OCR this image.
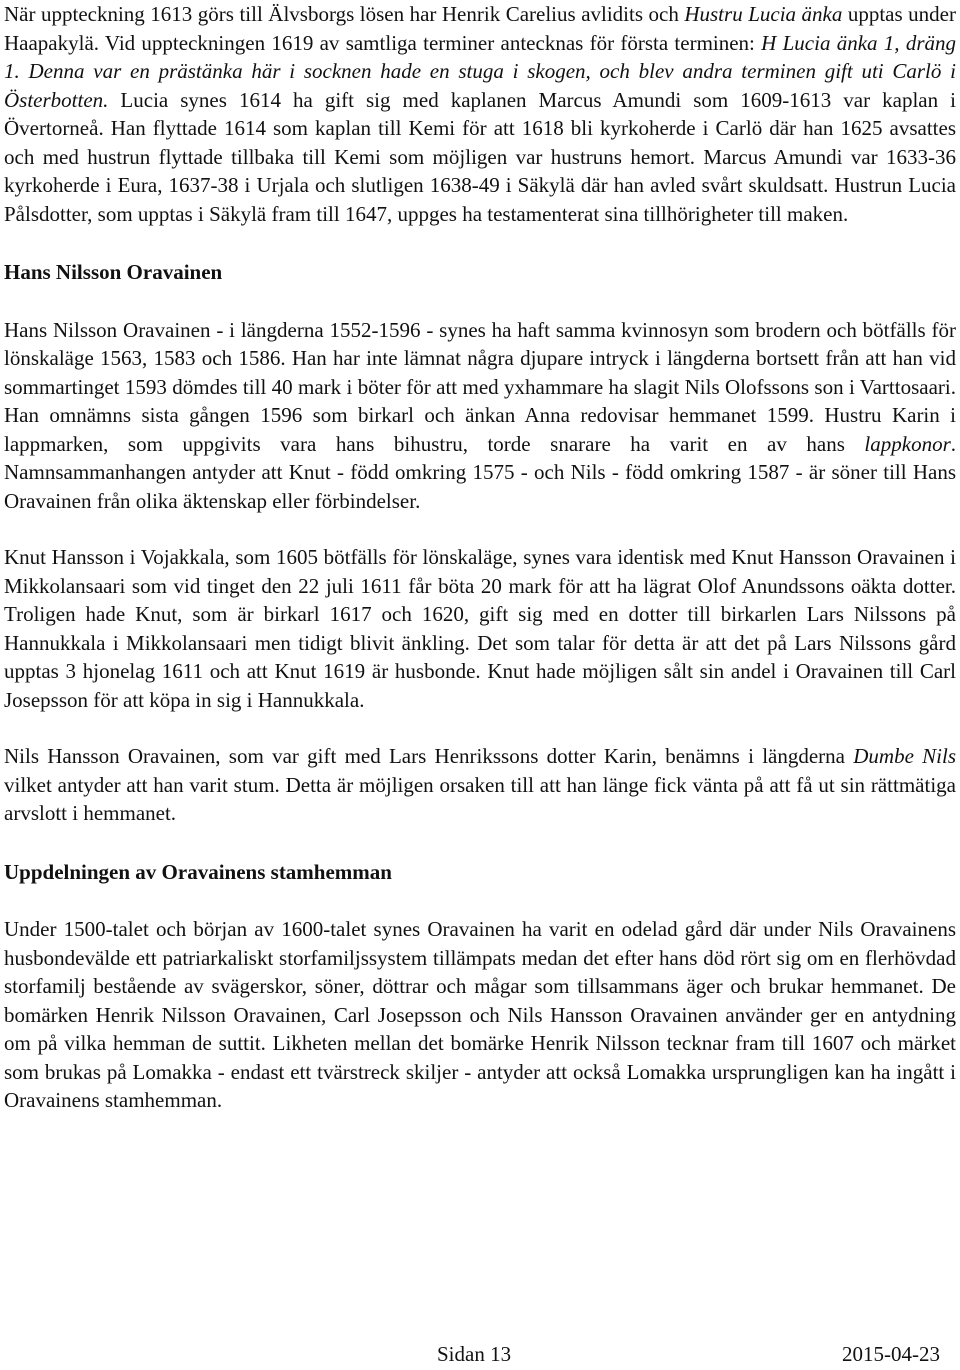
När uppteckning 1613 görs till Älvsborgs lösen har Henrik Carelius avlidits och Hustru Lucia änka upptas under Haapakylä. Vid uppteckningen 1619 av samtliga terminer antecknas för första terminen: H Lucia änka 1, dräng 1. Denna var en prästänka här i socknen hade en stuga i skogen, och blev andra terminen gift uti Carlö i Österbotten. Lucia synes 1614 ha gift sig med kaplanen Marcus Amundi som 1609-1613 var kaplan i Övertorneå. Han flyttade 1614 som kaplan till Kemi för att 1618 bli kyrkoherde i Carlö där han 1625 avsattes och med hustrun flyttade tillbaka till Kemi som möjligen var hustruns hemort. Marcus Amundi var 1633-36 kyrkoherde i Eura, 1637-38 i Urjala och slutligen 1638-49 i Säkylä där han avled svårt skuldsatt. Hustrun Lucia Pålsdotter, som upptas i Säkylä fram till 1647, uppges ha testamenterat sina tillhörigheter till maken.

Hans Nilsson Oravainen

Hans Nilsson Oravainen - i längderna 1552-1596 - synes ha haft samma kvinnosyn som brodern och bötfälls för lönskaläge 1563, 1583 och 1586. Han har inte lämnat några djupare intryck i längderna bortsett från att han vid sommartinget 1593 dömdes till 40 mark i böter för att med yxhammare ha slagit Nils Olofssons son i Varttosaari. Han omnämns sista gången 1596 som birkarl och änkan Anna redovisar hemmanet 1599. Hustru Karin i lappmarken, som uppgivits vara hans bihustru, torde snarare ha varit en av hans lappkonor. Namnsammanhangen antyder att Knut - född omkring 1575 - och Nils - född omkring 1587 - är söner till Hans Oravainen från olika äktenskap eller förbindelser.

Knut Hansson i Vojakkala, som 1605 bötfälls för lönskaläge, synes vara identisk med Knut Hansson Oravainen i Mikkolansaari som vid tinget den 22 juli 1611 får böta 20 mark för att ha lägrat Olof Anundssons oäkta dotter. Troligen hade Knut, som är birkarl 1617 och 1620, gift sig med en dotter till birkarlen Lars Nilssons på Hannukkala i Mikkolansaari men tidigt blivit änkling. Det som talar för detta är att det på Lars Nilssons gård upptas 3 hjonelag 1611 och att Knut 1619 är husbonde. Knut hade möjligen sålt sin andel i Oravainen till Carl Josepsson för att köpa in sig i Hannukkala.

Nils Hansson Oravainen, som var gift med Lars Henrikssons dotter Karin, benämns i längderna Dumbe Nils vilket antyder att han varit stum. Detta är möjligen orsaken till att han länge fick vänta på att få ut sin rättmätiga arvslott i hemmanet.

Uppdelningen av Oravainens stamhemman

Under 1500-talet och början av 1600-talet synes Oravainen ha varit en odelad gård där under Nils Oravainens husbondevälde ett patriarkaliskt storfamiljssystem tillämpats medan det efter hans död rört sig om en flerhövdad storfamilj bestående av svägerskor, söner, döttrar och mågar som tillsammans äger och brukar hemmanet. De bomärken Henrik Nilsson Oravainen, Carl Josepsson och Nils Hansson Oravainen använder ger en antydning om på vilka hemman de suttit. Likheten mellan det bomärke Henrik Nilsson tecknar fram till 1607 och märket som brukas på Lomakka - endast ett tvärstreck skiljer - antyder att också Lomakka ursprungligen kan ha ingått i Oravainens stamhemman.

Sidan 13	2015-04-23
